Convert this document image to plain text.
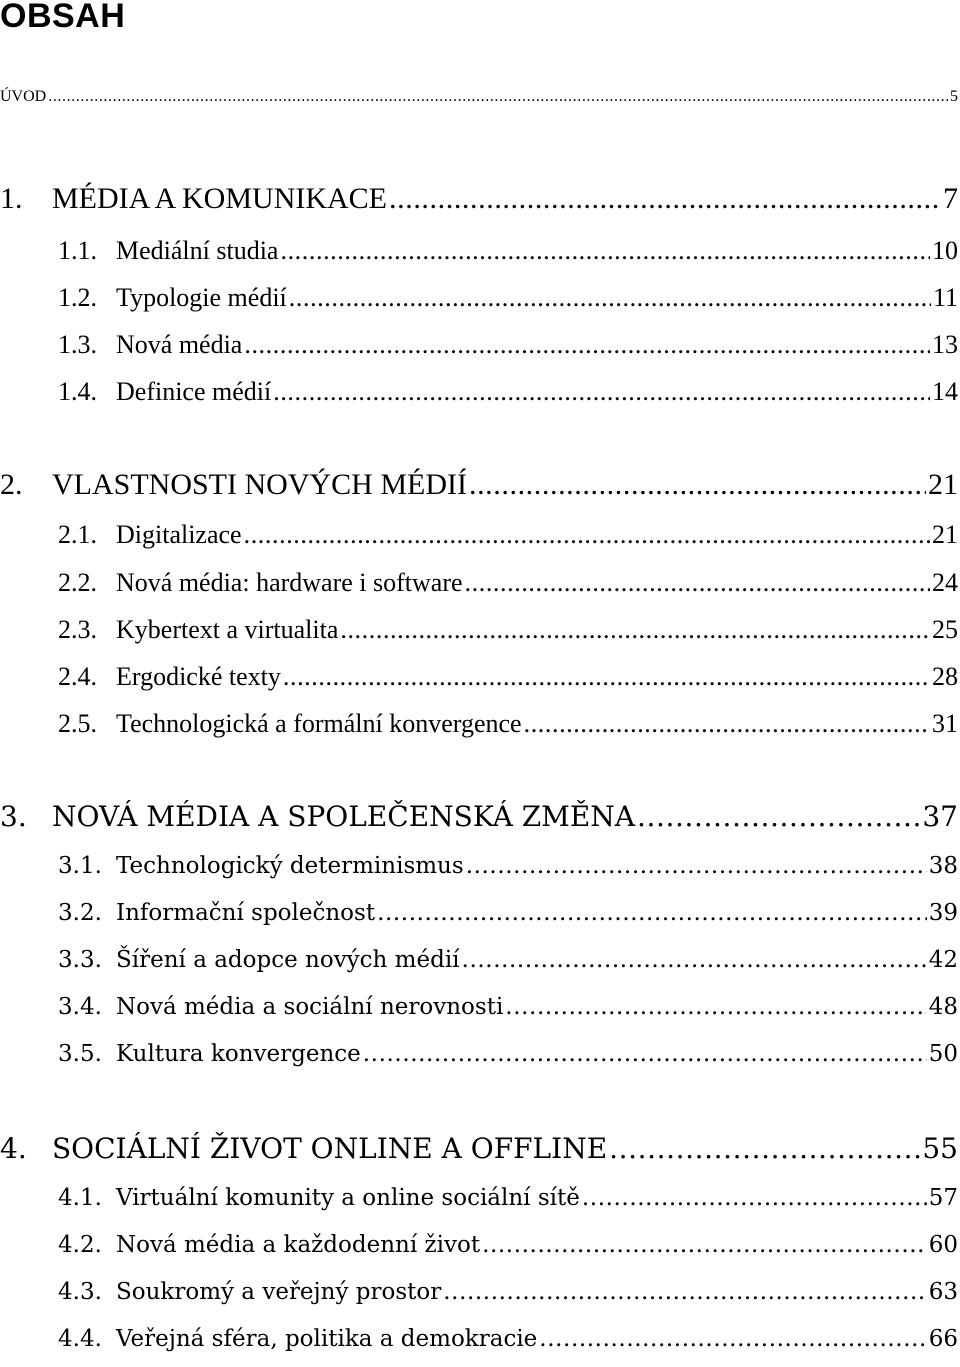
OBSAH
ÚVOD .....	5
1. MÉDIA A KOMUNIKACE .....	7
1.1. Mediální studia .....	10
1.2. Typologie médií .....	11
1.3. Nová média .....	13
1.4. Definice médií .....	14
2. VLASTNOSTI NOVÝCH MÉDIÍ .....	21
2.1. Digitalizace .....	21
2.2. Nová média: hardware i software .....	24
2.3. Kybertext a virtualita .....	25
2.4. Ergodické texty .....	28
2.5. Technologická a formální konvergence .....	31
3. NOVÁ MÉDIA A SPOLEČENSKÁ ZMĚNA .....	37
3.1. Technologický determinismus .....	38
3.2. Informační společnost .....	39
3.3. Šíření a adopce nových médií .....	42
3.4. Nová média a sociální nerovnosti .....	48
3.5. Kultura konvergence .....	50
4. SOCIÁLNÍ ŽIVOT ONLINE A OFFLINE .....	55
4.1. Virtuální komunity a online sociální sítě .....	57
4.2. Nová média a každodenní život .....	60
4.3. Soukromý a veřejný prostor .....	63
4.4. Veřejná sféra, politika a demokracie .....	66
